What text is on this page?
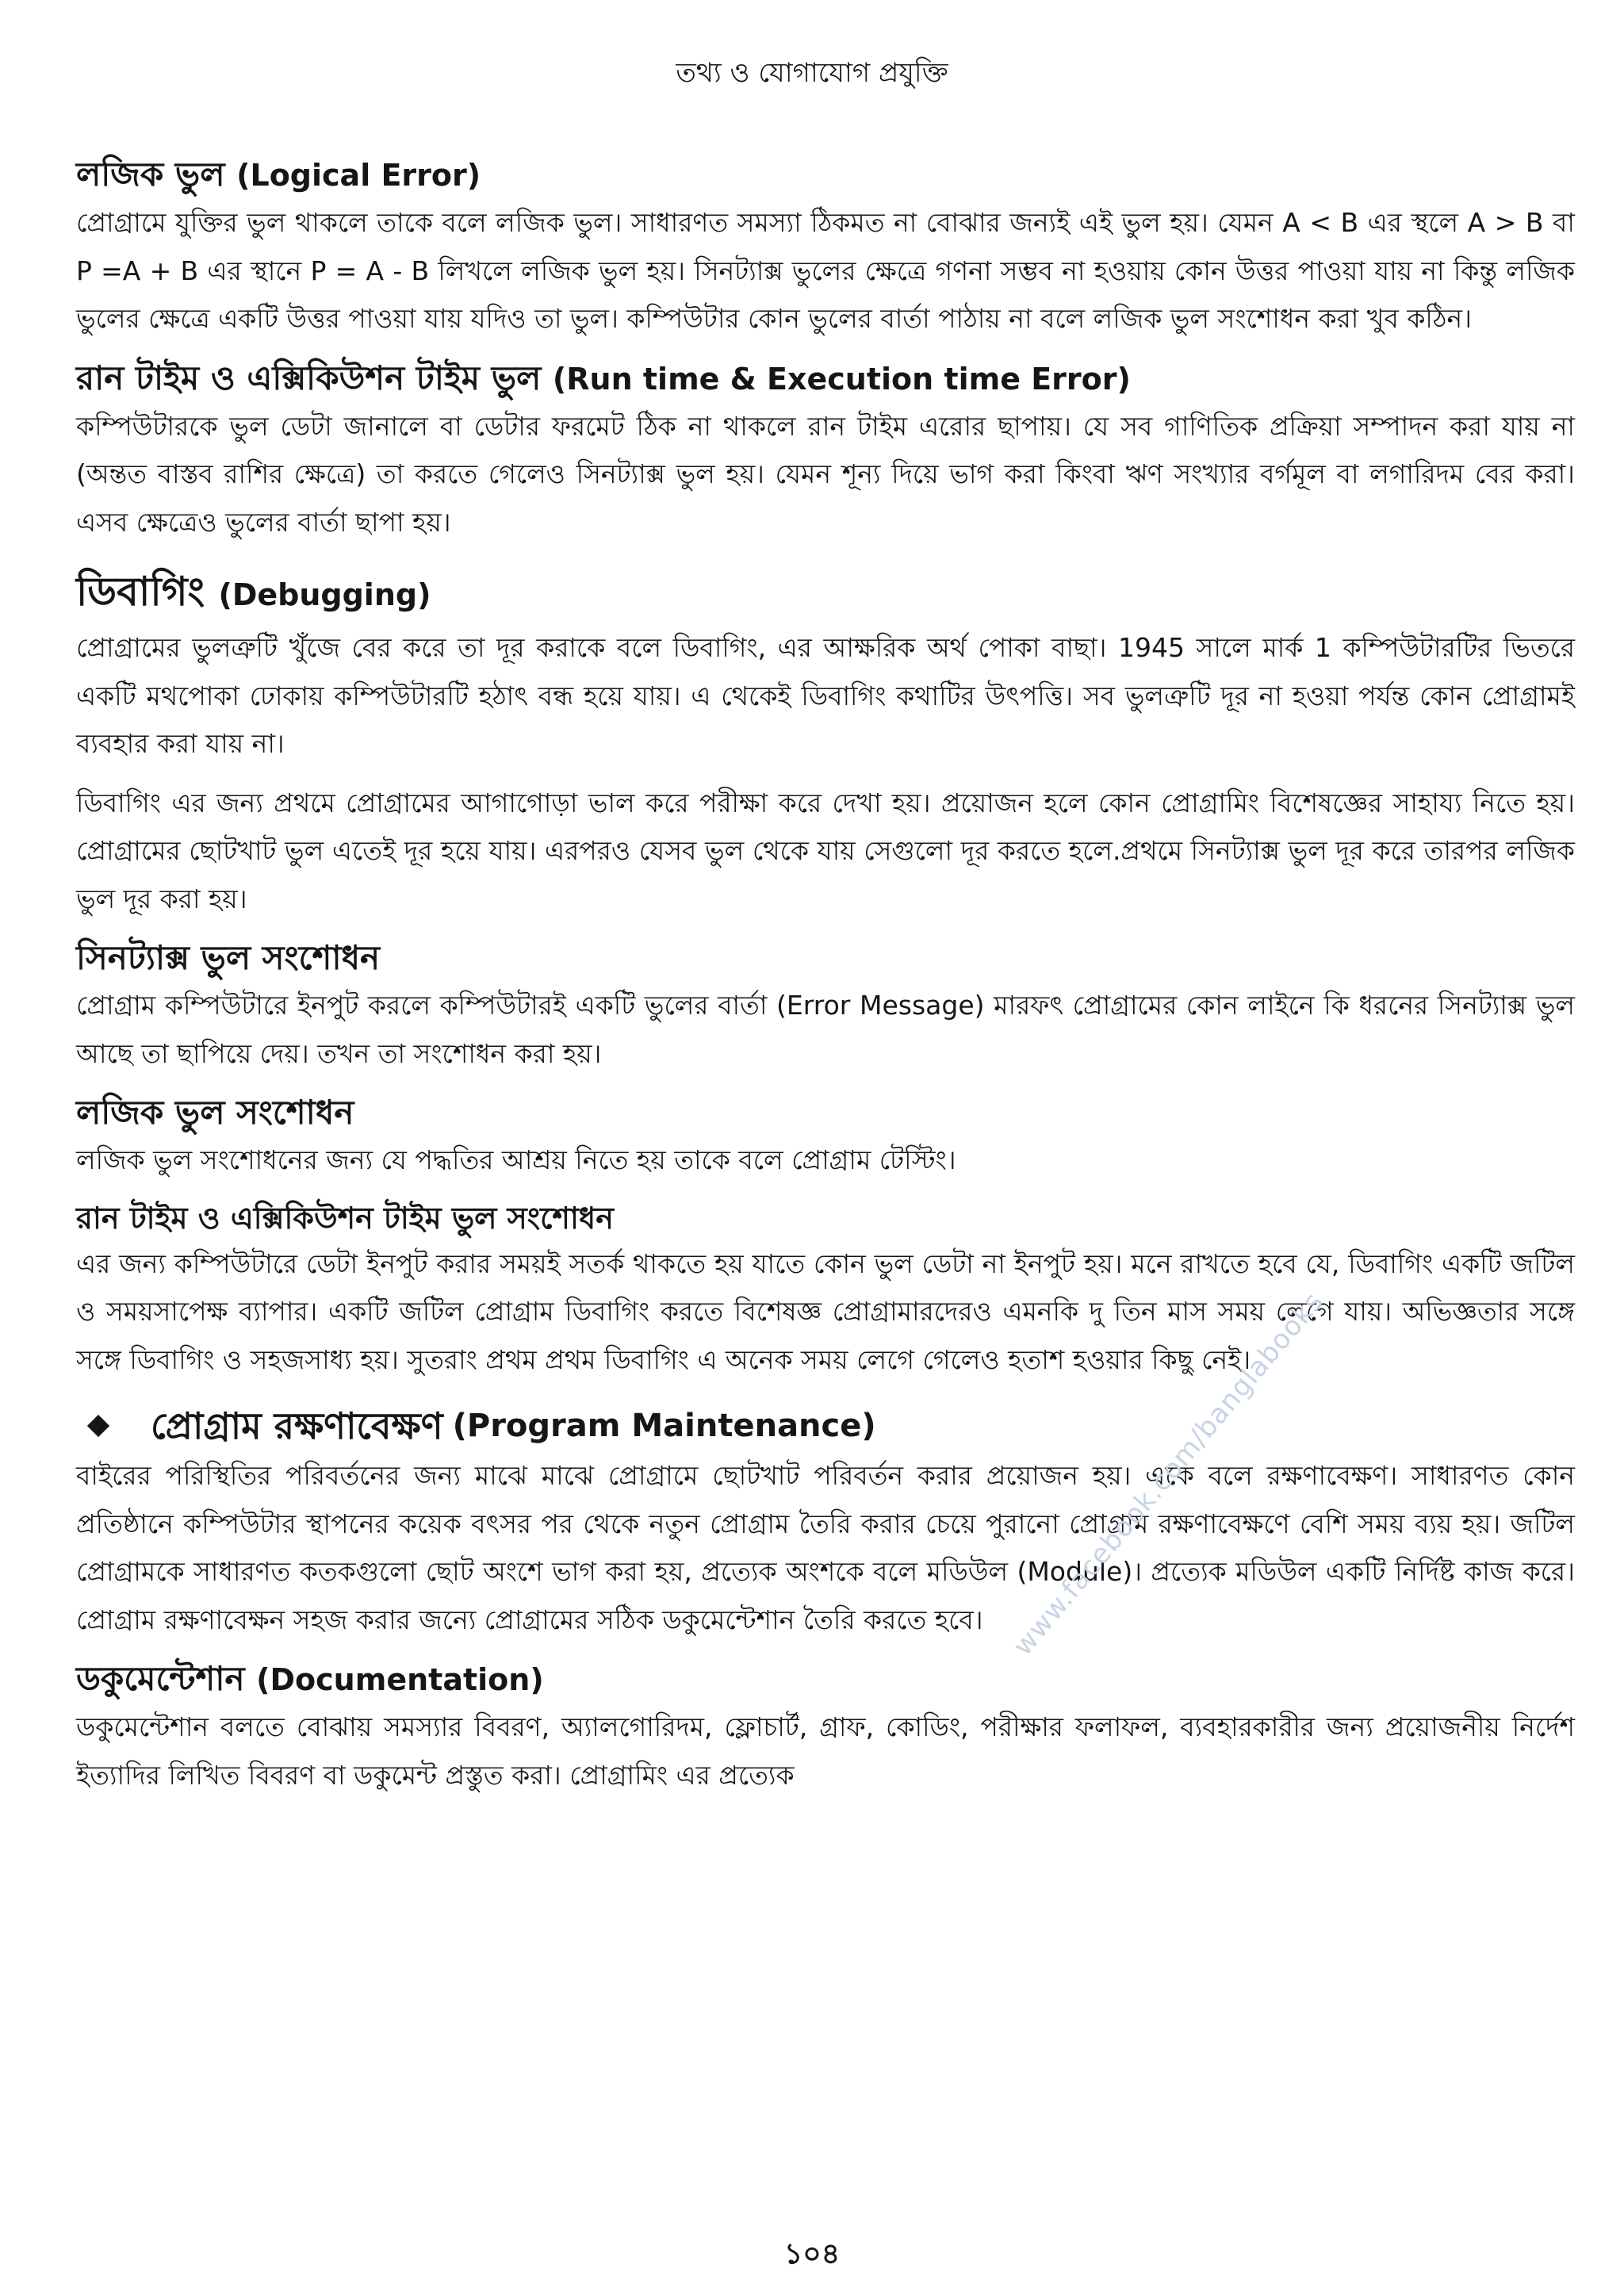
তথ্য ও যোগাযোগ প্রযুক্তি

লজিক ভুল (Logical Error)

প্রোগ্রামে যুক্তির ভুল থাকলে তাকে বলে লজিক ভুল। সাধারণত সমস্যা ঠিকমত না বোঝার জন্যই এই ভুল হয়। যেমন A < B এর স্থলে A > B বা P =A + B এর স্থানে P = A - B লিখলে লজিক ভুল হয়। সিনট্যাক্স ভুলের ক্ষেত্রে গণনা সম্ভব না হওয়ায় কোন উত্তর পাওয়া যায় না কিন্তু লজিক ভুলের ক্ষেত্রে একটি উত্তর পাওয়া যায় যদিও তা ভুল। কম্পিউটার কোন ভুলের বার্তা পাঠায় না বলে লজিক ভুল সংশোধন করা খুব কঠিন।

রান টাইম ও এক্সিকিউশন টাইম ভুল (Run time & Execution time Error)

কম্পিউটারকে ভুল ডেটা জানালে বা ডেটার ফরমেট ঠিক না থাকলে রান টাইম এরোর ছাপায়। যে সব গাণিতিক প্রক্রিয়া সম্পাদন করা যায় না (অন্তত বাস্তব রাশির ক্ষেত্রে) তা করতে গেলেও সিনট্যাক্স ভুল হয়। যেমন শূন্য দিয়ে ভাগ করা কিংবা ঋণ সংখ্যার বর্গমূল বা লগারিদম বের করা। এসব ক্ষেত্রেও ভুলের বার্তা ছাপা হয়।

ডিবাগিং (Debugging)

প্রোগ্রামের ভুলত্রুটি খুঁজে বের করে তা দূর করাকে বলে ডিবাগিং, এর আক্ষরিক অর্থ পোকা বাছা। 1945 সালে মার্ক 1 কম্পিউটারটির ভিতরে একটি মথপোকা ঢোকায় কম্পিউটারটি হঠাৎ বন্ধ হয়ে যায়। এ থেকেই ডিবাগিং কথাটির উৎপত্তি। সব ভুলত্রুটি দূর না হওয়া পর্যন্ত কোন প্রোগ্রামই ব্যবহার করা যায় না।

ডিবাগিং এর জন্য প্রথমে প্রোগ্রামের আগাগোড়া ভাল করে পরীক্ষা করে দেখা হয়। প্রয়োজন হলে কোন প্রোগ্রামিং বিশেষজ্ঞের সাহায্য নিতে হয়। প্রোগ্রামের ছোটখাট ভুল এতেই দূর হয়ে যায়। এরপরও যেসব ভুল থেকে যায় সেগুলো দূর করতে হলে.প্রথমে সিনট্যাক্স ভুল দূর করে তারপর লজিক ভুল দূর করা হয়।

সিনট্যাক্স ভুল সংশোধন

প্রোগ্রাম কম্পিউটারে ইনপুট করলে কম্পিউটারই একটি ভুলের বার্তা (Error Message) মারফৎ প্রোগ্রামের কোন লাইনে কি ধরনের সিনট্যাক্স ভুল আছে তা ছাপিয়ে দেয়। তখন তা সংশোধন করা হয়।

লজিক ভুল সংশোধন

লজিক ভুল সংশোধনের জন্য যে পদ্ধতির আশ্রয় নিতে হয় তাকে বলে প্রোগ্রাম টেস্টিং।

রান টাইম ও এক্সিকিউশন টাইম ভুল সংশোধন

এর জন্য কম্পিউটারে ডেটা ইনপুট করার সময়ই সতর্ক থাকতে হয় যাতে কোন ভুল ডেটা না ইনপুট হয়। মনে রাখতে হবে যে, ডিবাগিং একটি জটিল ও সময়সাপেক্ষ ব্যাপার। একটি জটিল প্রোগ্রাম ডিবাগিং করতে বিশেষজ্ঞ প্রোগ্রামারদেরও এমনকি দু তিন মাস সময় লেগে যায়। অভিজ্ঞতার সঙ্গে সঙ্গে ডিবাগিং ও সহজসাধ্য হয়। সুতরাং প্রথম প্রথম ডিবাগিং এ অনেক সময় লেগে গেলেও হতাশ হওয়ার কিছু নেই।

প্রোগ্রাম রক্ষণাবেক্ষণ (Program Maintenance)

বাইরের পরিস্থিতির পরিবর্তনের জন্য মাঝে মাঝে প্রোগ্রামে ছোটখাট পরিবর্তন করার প্রয়োজন হয়। একে বলে রক্ষণাবেক্ষণ। সাধারণত কোন প্রতিষ্ঠানে কম্পিউটার স্থাপনের কয়েক বৎসর পর থেকে নতুন প্রোগ্রাম তৈরি করার চেয়ে পুরানো প্রোগ্রাম রক্ষণাবেক্ষণে বেশি সময় ব্যয় হয়। জটিল প্রোগ্রামকে সাধারণত কতকগুলো ছোট অংশে ভাগ করা হয়, প্রত্যেক অংশকে বলে মডিউল (Module)। প্রত্যেক মডিউল একটি নির্দিষ্ট কাজ করে। প্রোগ্রাম রক্ষণাবেক্ষন সহজ করার জন্যে প্রোগ্রামের সঠিক ডকুমেন্টেশান তৈরি করতে হবে।

ডকুমেন্টেশান (Documentation)

ডকুমেন্টেশান বলতে বোঝায় সমস্যার বিবরণ, অ্যালগোরিদম, ফ্লোচার্ট, গ্রাফ, কোডিং, পরীক্ষার ফলাফল, ব্যবহারকারীর জন্য প্রয়োজনীয় নির্দেশ ইত্যাদির লিখিত বিবরণ বা ডকুমেন্ট প্রস্তুত করা। প্রোগ্রামিং এর প্রত্যেক

www.facebook.com/banglabooks
১০৪
